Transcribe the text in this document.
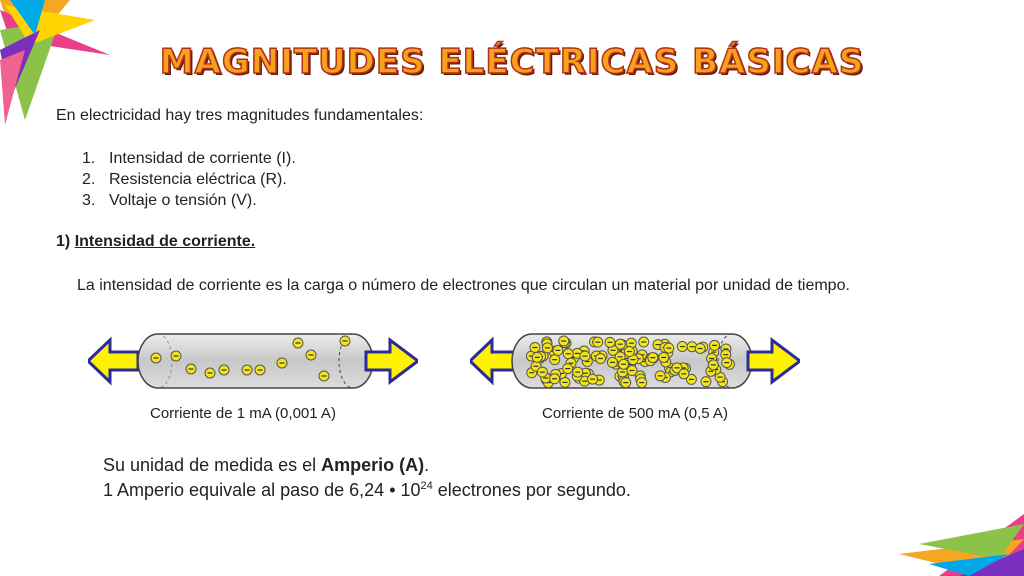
MAGNITUDES ELÉCTRICAS BÁSICAS
En electricidad hay tres magnitudes fundamentales:
1. Intensidad de corriente (I).
2. Resistencia eléctrica (R).
3. Voltaje o tensión (V).
1) Intensidad de corriente.
La intensidad de corriente es la carga o número de electrones que circulan un material por unidad de tiempo.
Corriente de 1 mA (0,001 A)	Corriente de 500 mA (0,5 A)
Su unidad de medida es el Amperio (A).
1 Amperio equivale al paso de 6,24 • $10^{24}$ electrones por segundo.
